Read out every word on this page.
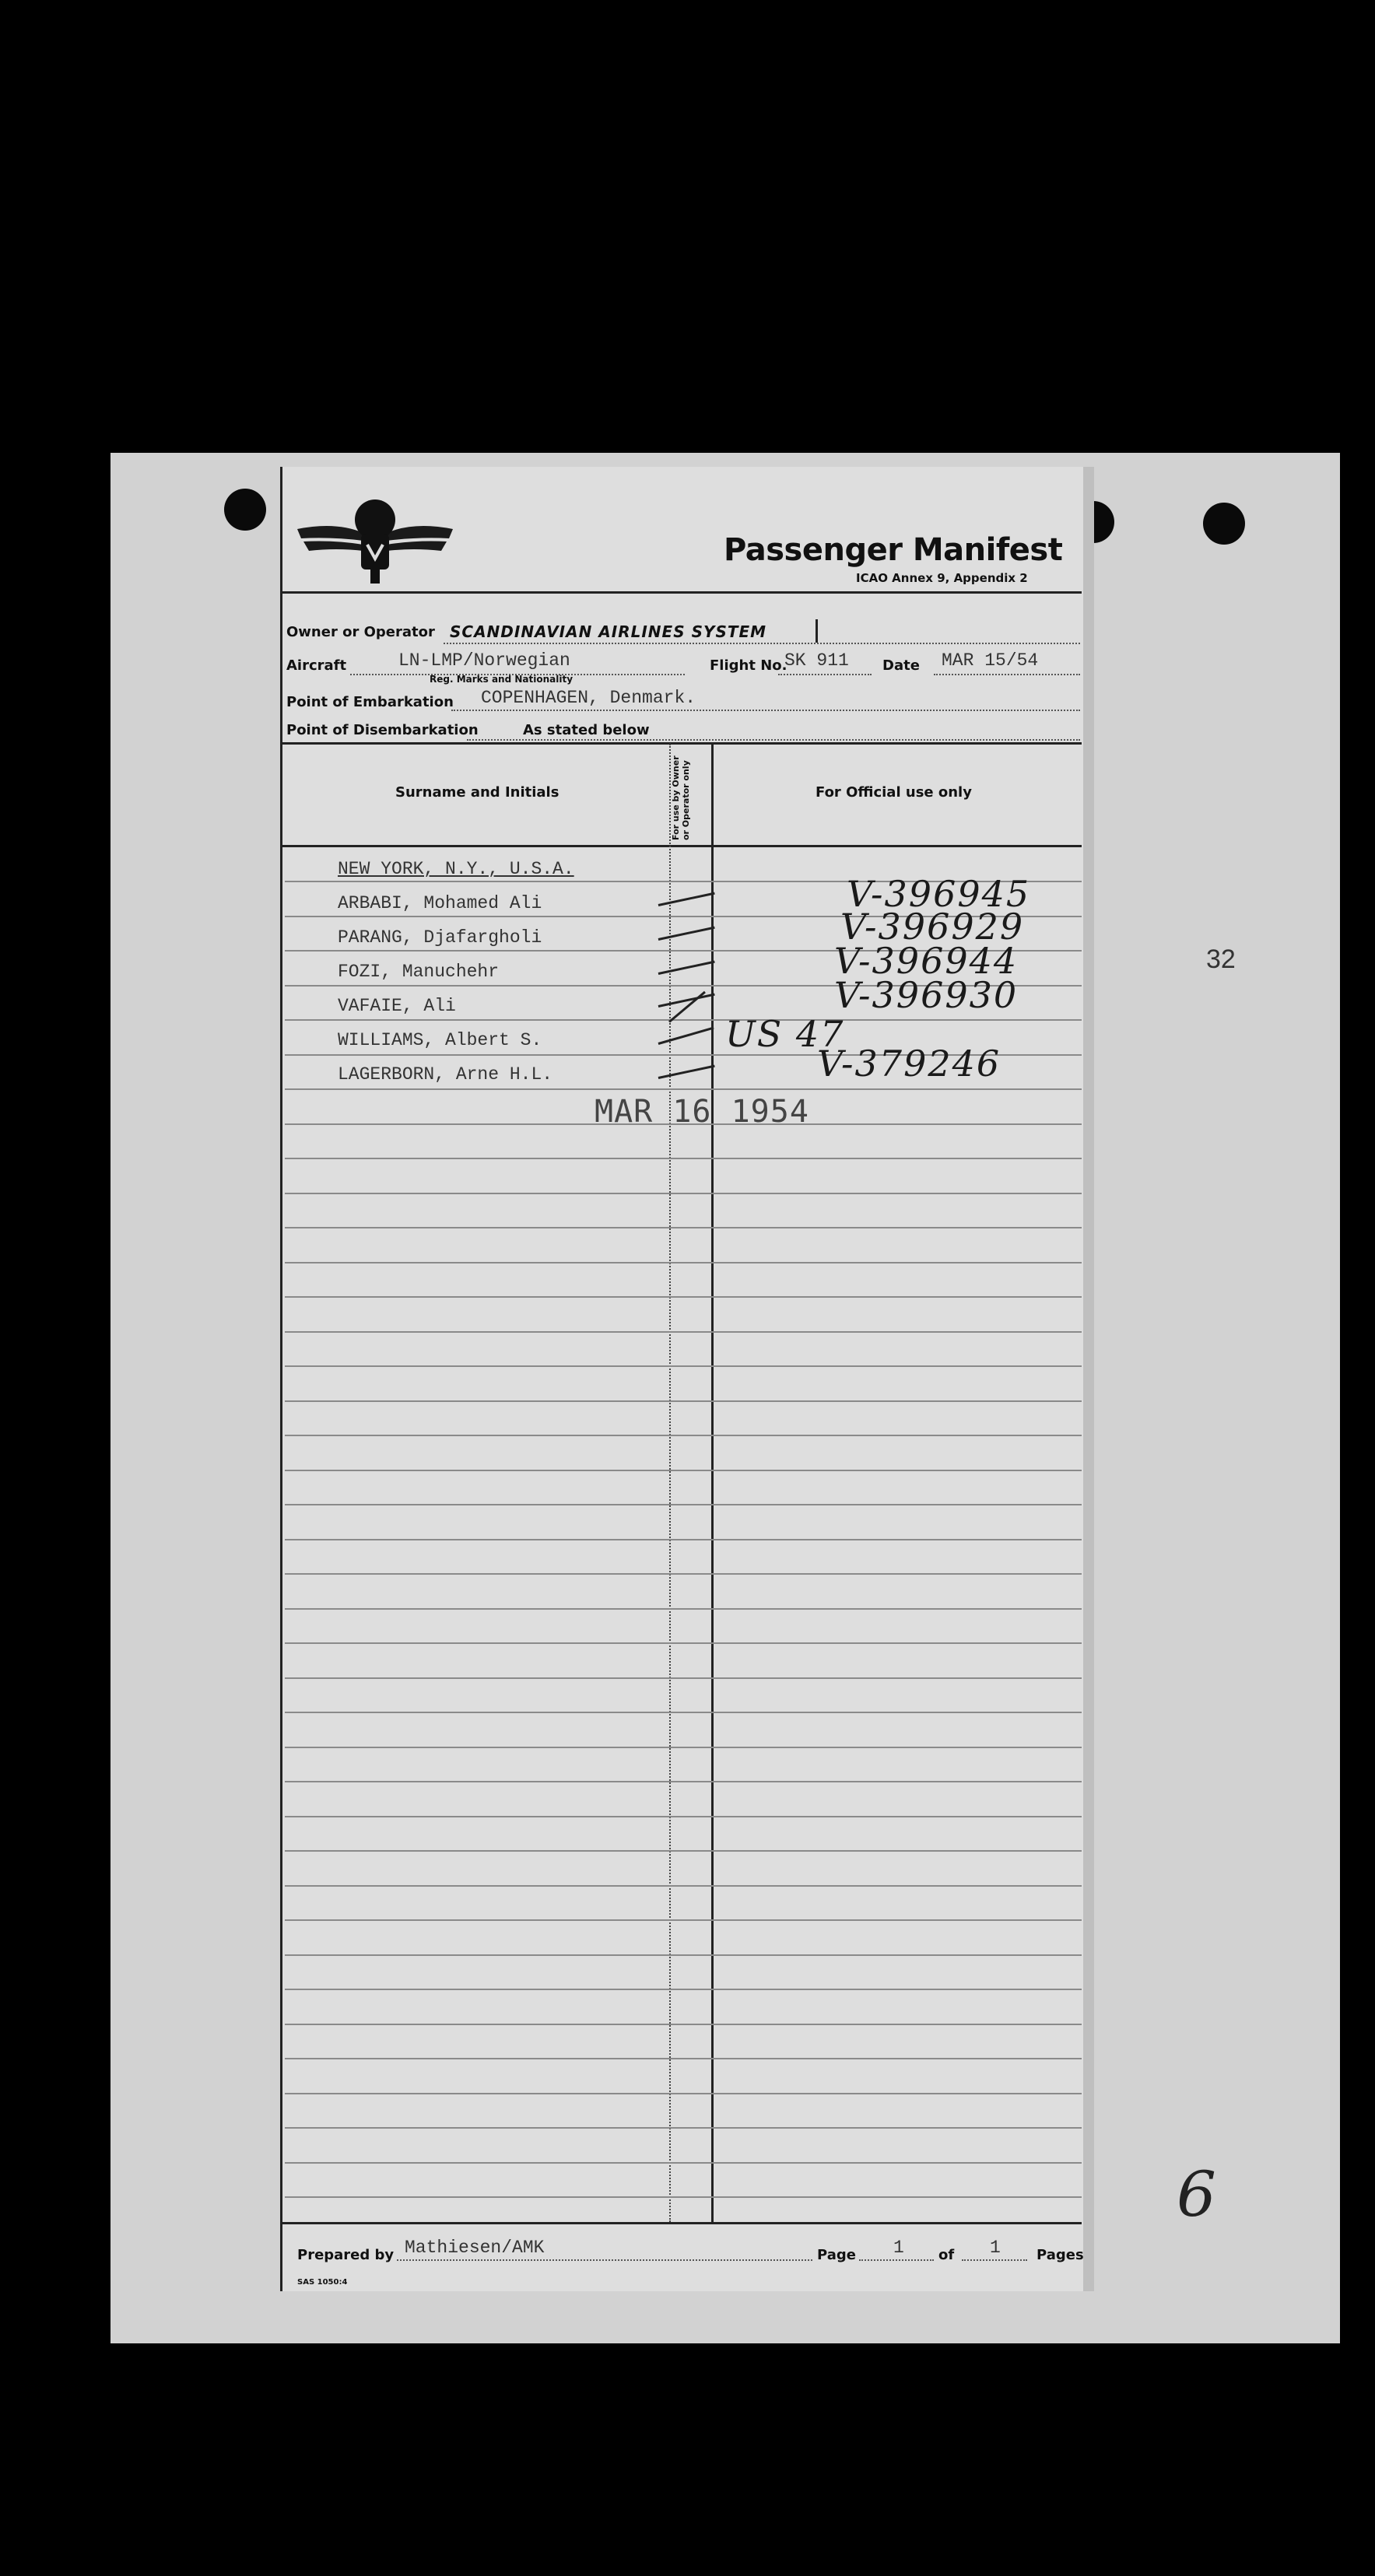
Passenger Manifest
ICAO Annex 9, Appendix 2
Owner or Operator SCANDINAVIAN AIRLINES SYSTEM
Aircraft	LN-LMP/Norwegian
Reg. Marks and Nationality
Flight No.
SK 911 Date MAR 15/54
Point of Embarkation COPENHAGEN, Denmark.
Point of Disembarkation	As stated below
Surname and Initials	For use by Owner or Operator only	For Official use only
NEW YORK, N.Y., U.S.A.
ARBABI, Mohamed Ali	V-396945
PARANG, Djafargholi	V-396929
FOZI, Manuchehr	V-396944
VAFAIE, Ali	V-396930
WILLIAMS, Albert S.	US 47
LAGERBORN, Arne H.L.	V-379246
MAR 16 1954
Prepared by Mathiesen/AMK	Page 1 of 1	Pages
SAS 1050:4
32
6
